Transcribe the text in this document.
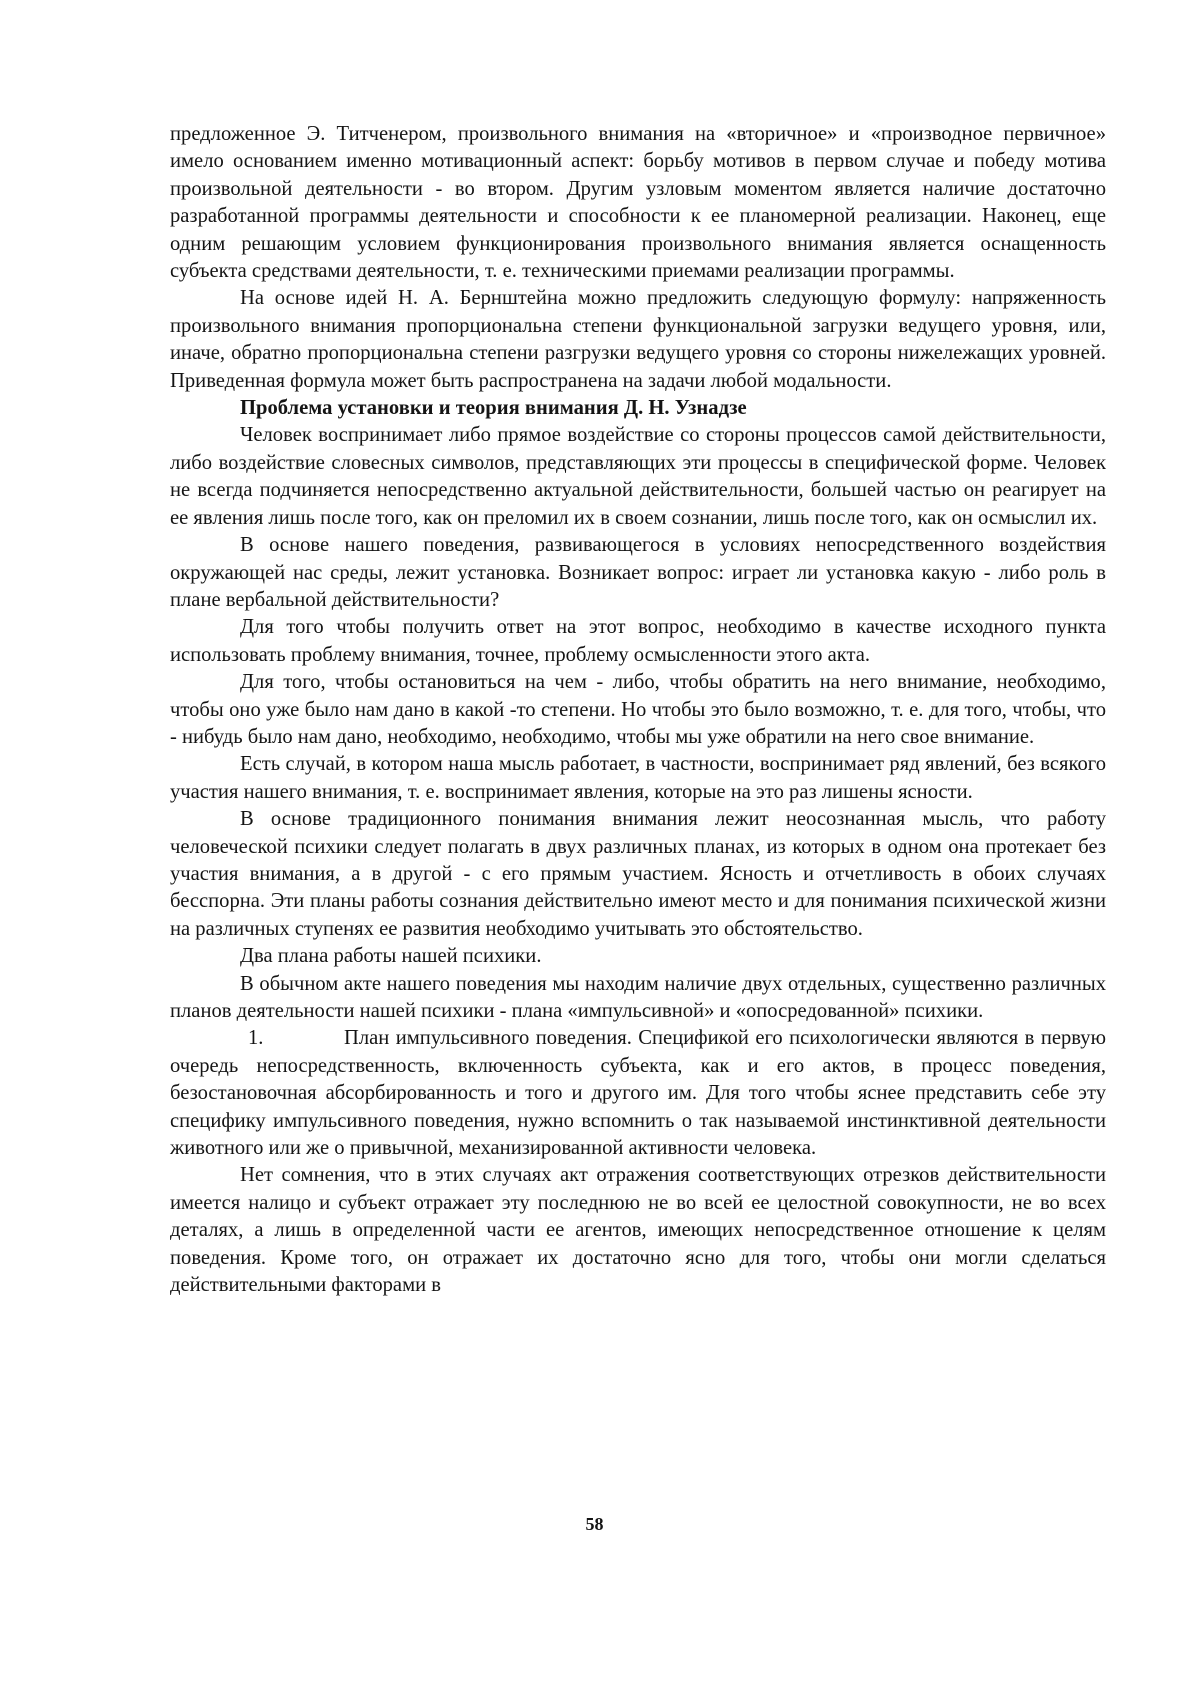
предложенное Э. Титченером, произвольного внимания на «вторичное» и «производное первичное» имело основанием именно мотивационный аспект: борьбу мотивов в первом случае и победу мотива произвольной деятельности - во втором. Другим узловым моментом является наличие достаточно разработанной программы деятельности и способности к ее планомерной реализации. Наконец, еще одним решающим условием функционирования произвольного внимания является оснащенность субъекта средствами деятельности, т. е. техническими приемами реализации программы.

На основе идей Н. А. Бернштейна можно предложить следующую формулу: напряженность произвольного внимания пропорциональна степени функциональной загрузки ведущего уровня, или, иначе, обратно пропорциональна степени разгрузки ведущего уровня со стороны нижележащих уровней. Приведенная формула может быть распространена на задачи любой модальности.

Проблема установки и теория внимания Д. Н. Узнадзе

Человек воспринимает либо прямое воздействие со стороны процессов самой действительности, либо воздействие словесных символов, представляющих эти процессы в специфической форме. Человек не всегда подчиняется непосредственно актуальной действительности, большей частью он реагирует на ее явления лишь после того, как он преломил их в своем сознании, лишь после того, как он осмыслил их.

В основе нашего поведения, развивающегося в условиях непосредственного воздействия окружающей нас среды, лежит установка. Возникает вопрос: играет ли установка какую - либо роль в плане вербальной действительности?

Для того чтобы получить ответ на этот вопрос, необходимо в качестве исходного пункта использовать проблему внимания, точнее, проблему осмысленности этого акта.

Для того, чтобы остановиться на чем - либо, чтобы обратить на него внимание, необходимо, чтобы оно уже было нам дано в какой -то степени. Но чтобы это было возможно, т. е. для того, чтобы, что - нибудь было нам дано, необходимо, необходимо, чтобы мы уже обратили на него свое внимание.

Есть случай, в котором наша мысль работает, в частности, воспринимает ряд явлений, без всякого участия нашего внимания, т. е. воспринимает явления, которые на это раз лишены ясности.

В основе традиционного понимания внимания лежит неосознанная мысль, что работу человеческой психики следует полагать в двух различных планах, из которых в одном она протекает без участия внимания, а в другой - с его прямым участием. Ясность и отчетливость в обоих случаях бесспорна. Эти планы работы сознания действительно имеют место и для понимания психической жизни на различных ступенях ее развития необходимо учитывать это обстоятельство.

Два плана работы нашей психики.

В обычном акте нашего поведения мы находим наличие двух отдельных, существенно различных планов деятельности нашей психики - плана «импульсивной» и «опосредованной» психики.

1.	План импульсивного поведения. Спецификой его психологически являются в первую очередь непосредственность, включенность субъекта, как и его актов, в процесс поведения, безостановочная абсорбированность и того и другого им. Для того чтобы яснее представить себе эту специфику импульсивного поведения, нужно вспомнить о так называемой инстинктивной деятельности животного или же о привычной, механизированной активности человека.

Нет сомнения, что в этих случаях акт отражения соответствующих отрезков действительности имеется налицо и субъект отражает эту последнюю не во всей ее целостной совокупности, не во всех деталях, а лишь в определенной части ее агентов, имеющих непосредственное отношение к целям поведения. Кроме того, он отражает их достаточно ясно для того, чтобы они могли сделаться действительными факторами в

58
